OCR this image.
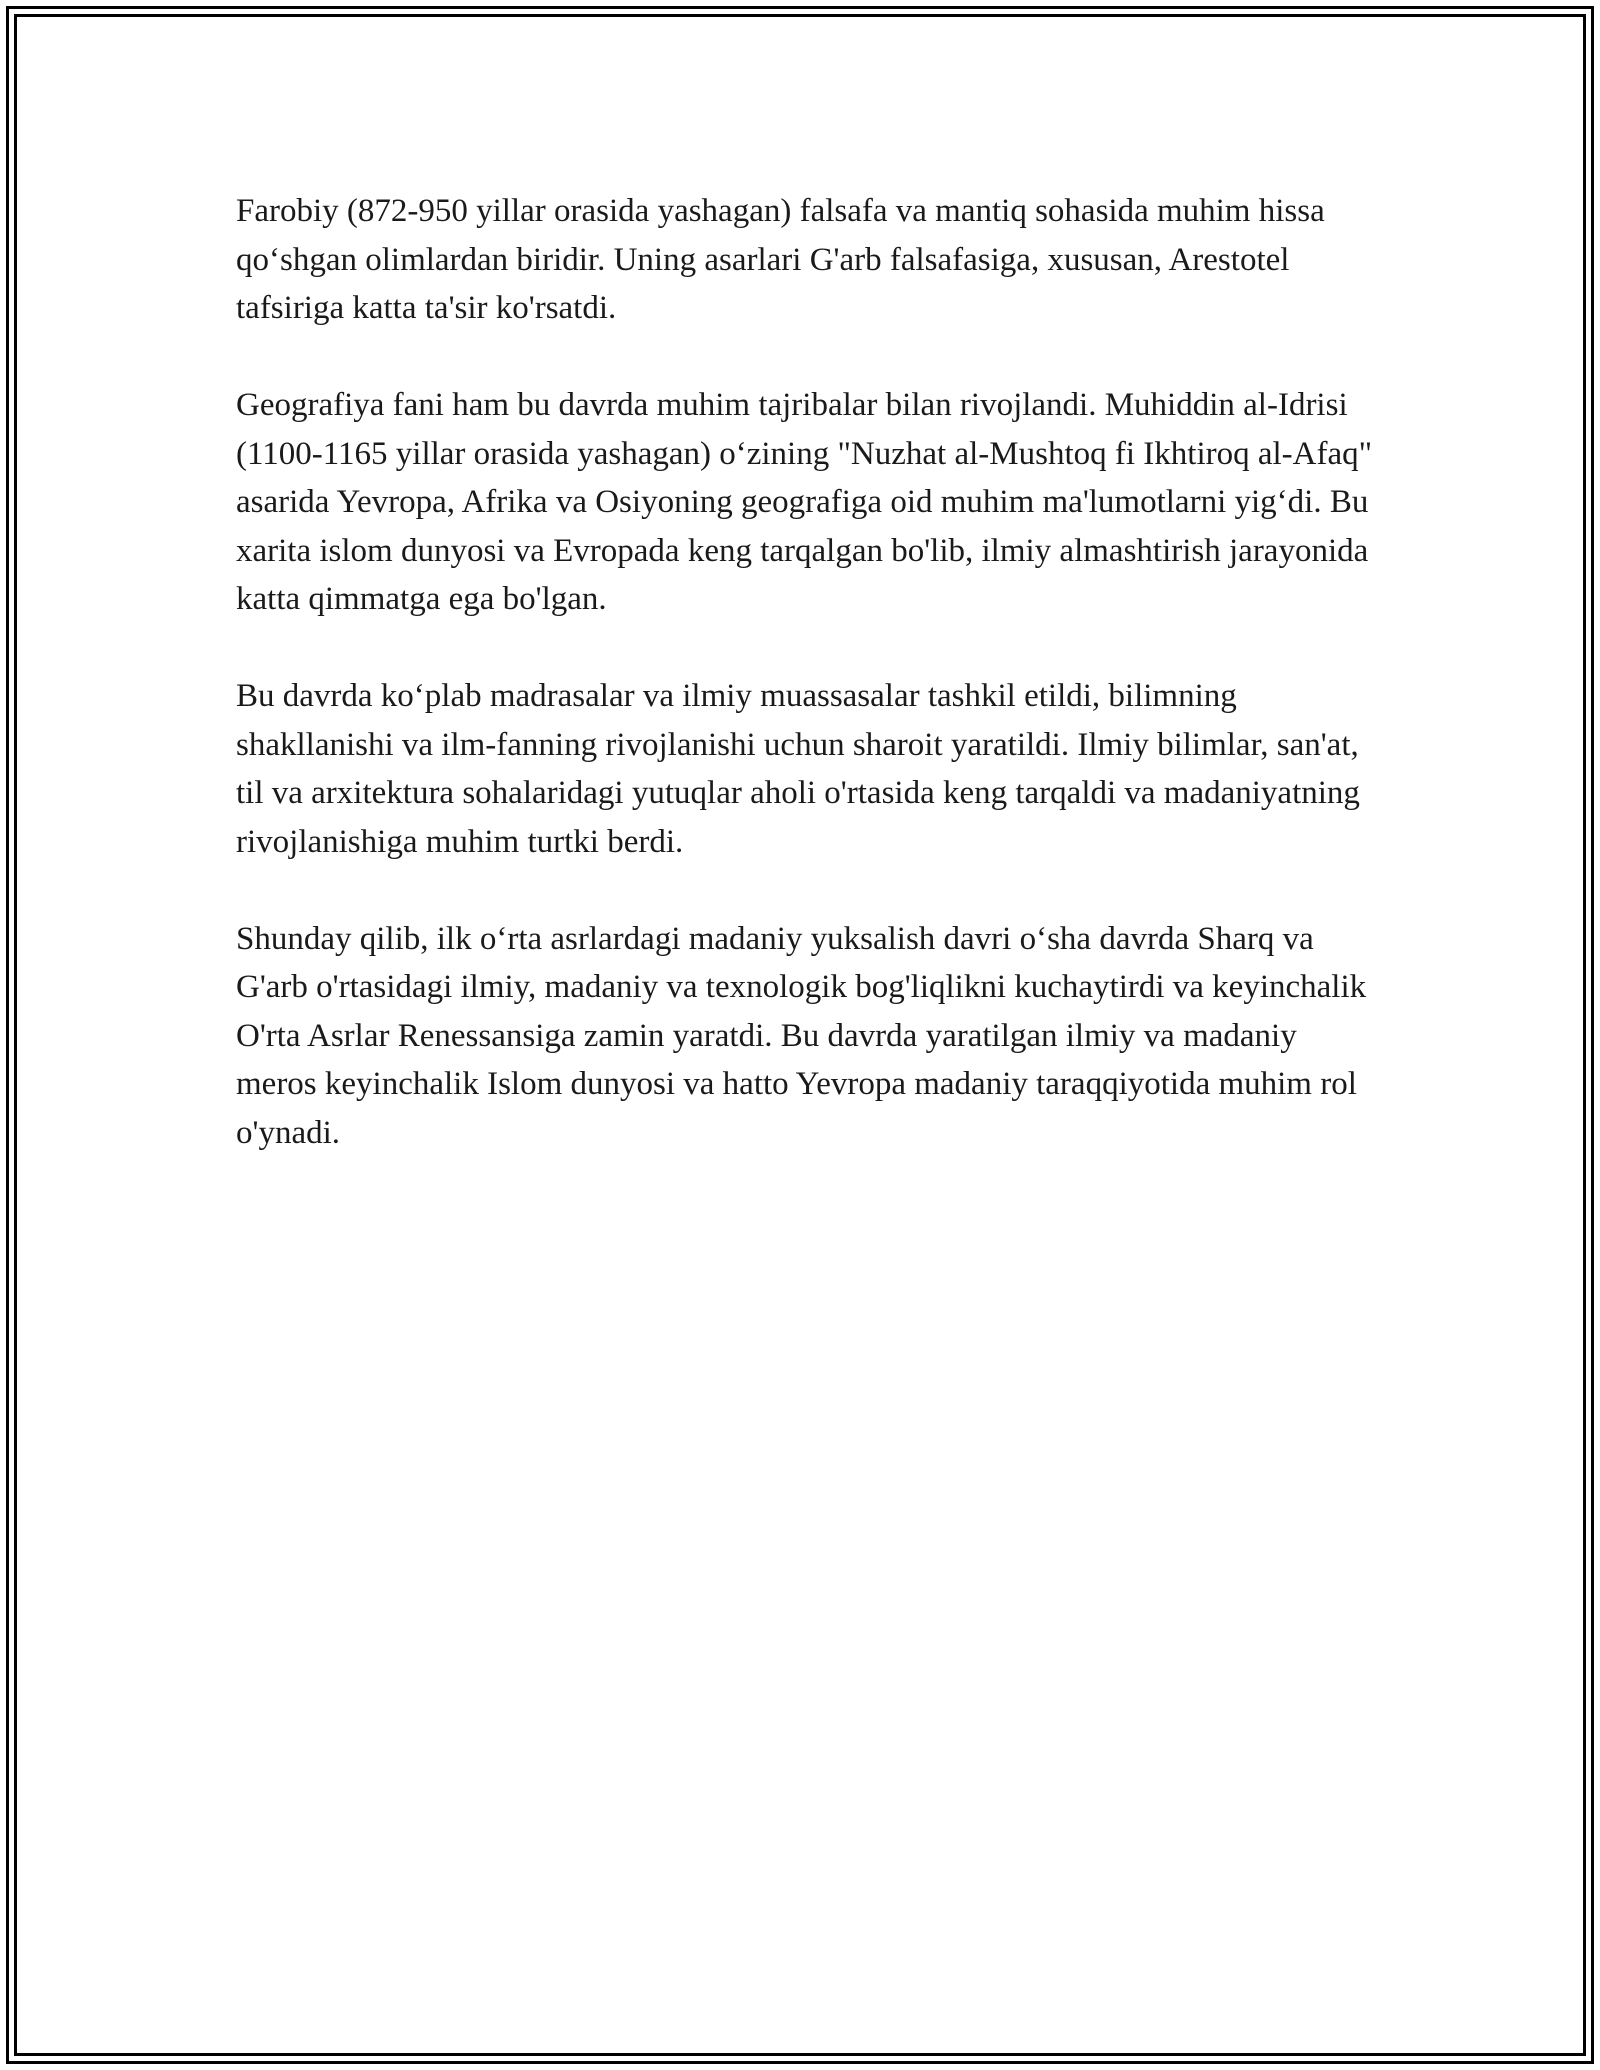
Farobiy (872-950 yillar orasida yashagan) falsafa va mantiq sohasida muhim hissa qo‘shgan olimlardan biridir. Uning asarlari G'arb falsafasiga, xususan, Arestotel tafsiriga katta ta'sir ko'rsatdi.

Geografiya fani ham bu davrda muhim tajribalar bilan rivojlandi. Muhiddin al-Idrisi (1100-1165 yillar orasida yashagan) o‘zining "Nuzhat al-Mushtoq fi Ikhtiroq al-Afaq" asarida Yevropa, Afrika va Osiyoning geografiga oid muhim ma'lumotlarni yig‘di. Bu xarita islom dunyosi va Evropada keng tarqalgan bo'lib, ilmiy almashtirish jarayonida katta qimmatga ega bo'lgan.

Bu davrda ko‘plab madrasalar va ilmiy muassasalar tashkil etildi, bilimning shakllanishi va ilm-fanning rivojlanishi uchun sharoit yaratildi. Ilmiy bilimlar, san'at, til va arxitektura sohalaridagi yutuqlar aholi o'rtasida keng tarqaldi va madaniyatning rivojlanishiga muhim turtki berdi.

Shunday qilib, ilk o‘rta asrlardagi madaniy yuksalish davri o‘sha davrda Sharq va G'arb o'rtasidagi ilmiy, madaniy va texnologik bog'liqlikni kuchaytirdi va keyinchalik O'rta Asrlar Renessansiga zamin yaratdi. Bu davrda yaratilgan ilmiy va madaniy meros keyinchalik Islom dunyosi va hatto Yevropa madaniy taraqqiyotida muhim rol o'ynadi.
